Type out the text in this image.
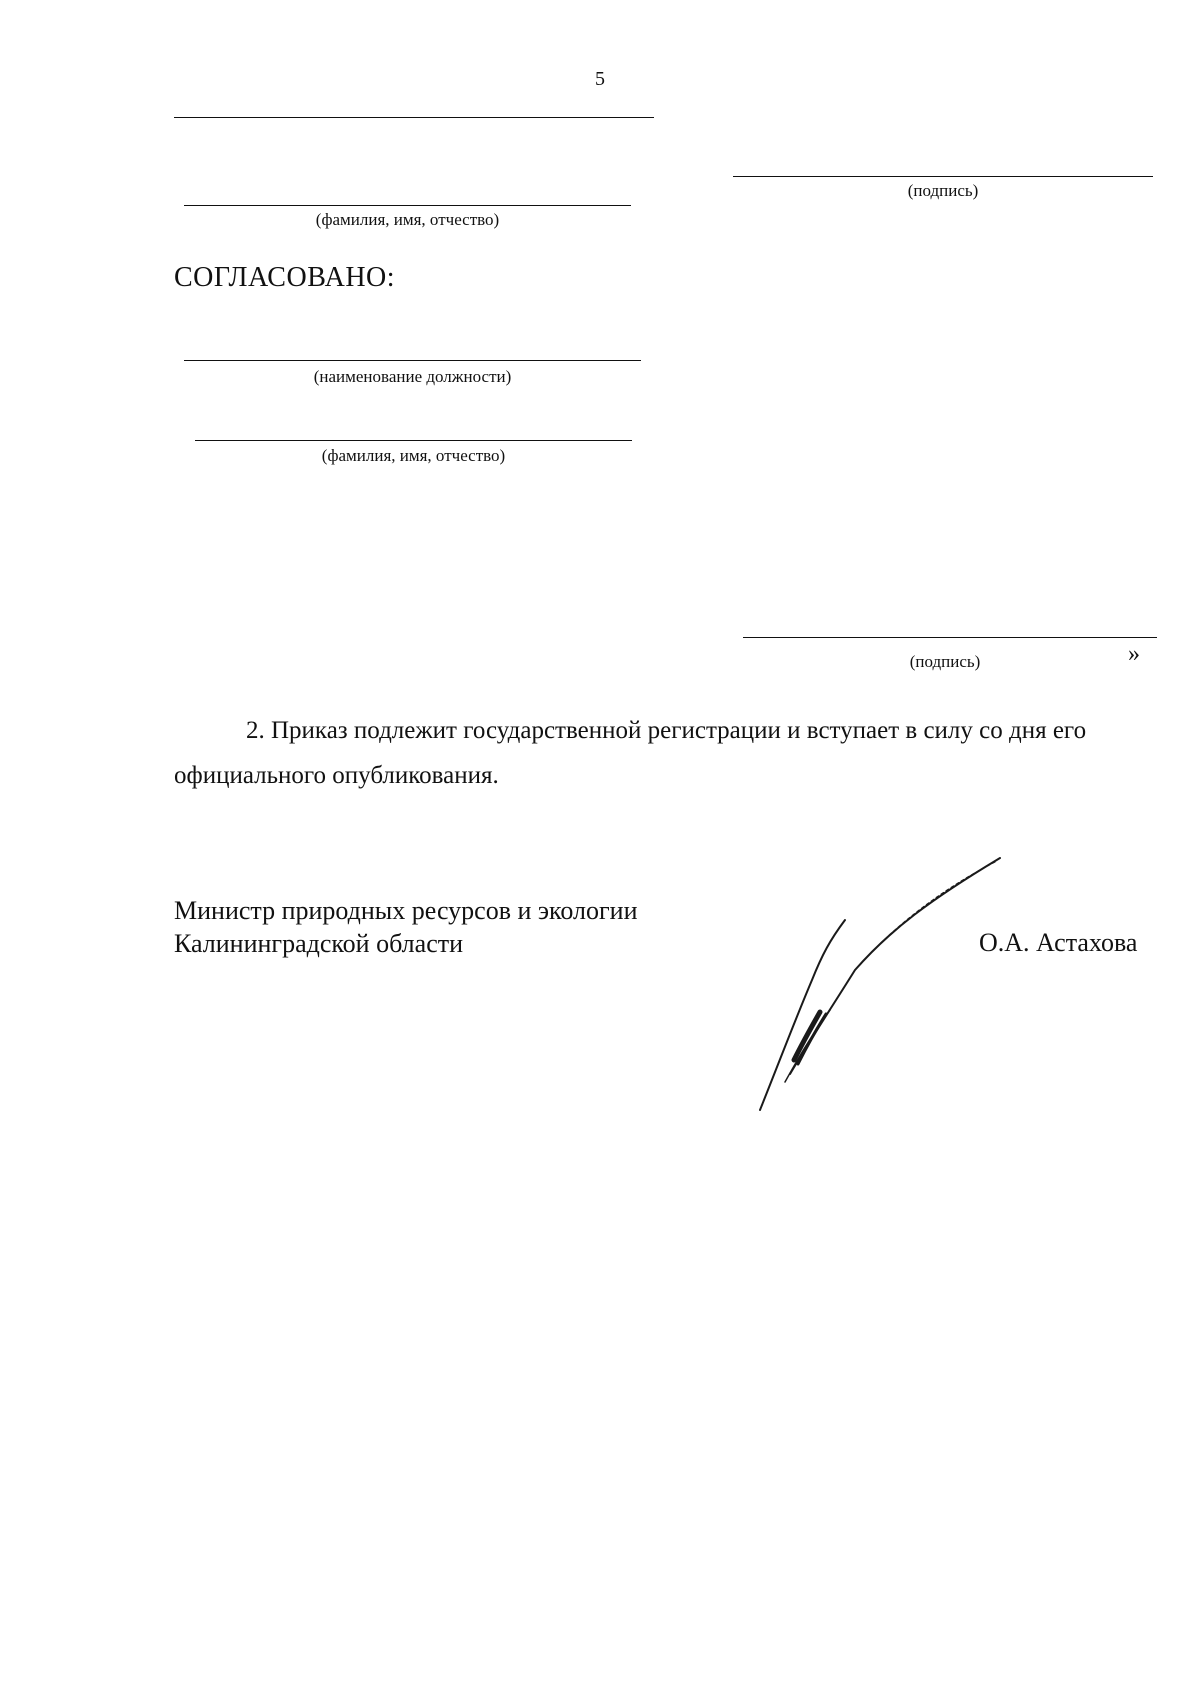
5
(подпись)
(фамилия, имя, отчество)
СОГЛАСОВАНО:
(наименование должности)
(фамилия, имя, отчество)
(подпись)	»
2. Приказ подлежит государственной регистрации и вступает в силу со дня его официального опубликования.
Министр природных ресурсов и экологии
Калининградской области	О.А. Астахова
